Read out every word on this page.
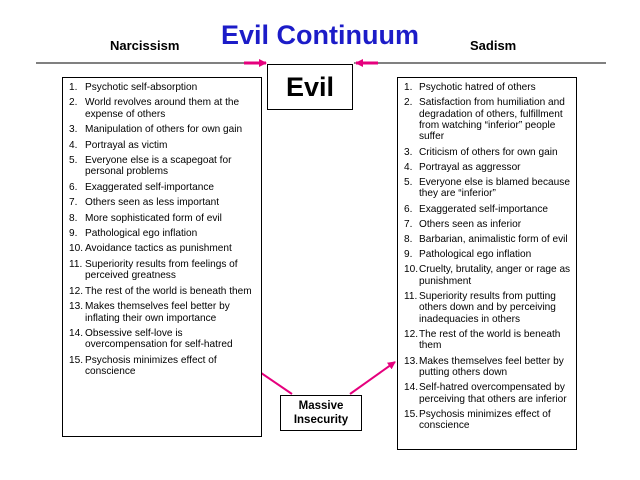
Evil Continuum
Narcissism	Sadism
Evil
1. Psychotic self-absorption
2. World revolves around them at the expense of others
3. Manipulation of others for own gain
4. Portrayal as victim
5. Everyone else is a scapegoat for personal problems
6. Exaggerated self-importance
7. Others seen as less important
8. More sophisticated form of evil
9. Pathological ego inflation
10. Avoidance tactics as punishment
11. Superiority results from feelings of perceived greatness
12. The rest of the world is beneath them
13. Makes themselves feel better by inflating their own importance
14. Obsessive self-love is overcompensation for self-hatred
15. Psychosis minimizes effect of conscience
1. Psychotic hatred of others
2. Satisfaction from humiliation and degradation of others, fulfillment from watching “inferior” people suffer
3. Criticism of others for own gain
4. Portrayal as aggressor
5. Everyone else is blamed because they are “inferior”
6. Exaggerated self-importance
7. Others seen as inferior
8. Barbarian, animalistic form of evil
9. Pathological ego inflation
10. Cruelty, brutality, anger or rage as punishment
11. Superiority results from putting others down and by perceiving inadequacies in others
12. The rest of the world is beneath them
13. Makes themselves feel better by putting others down
14. Self-hatred overcompensated by perceiving that others are inferior
15. Psychosis minimizes effect of conscience
Massive
Insecurity
